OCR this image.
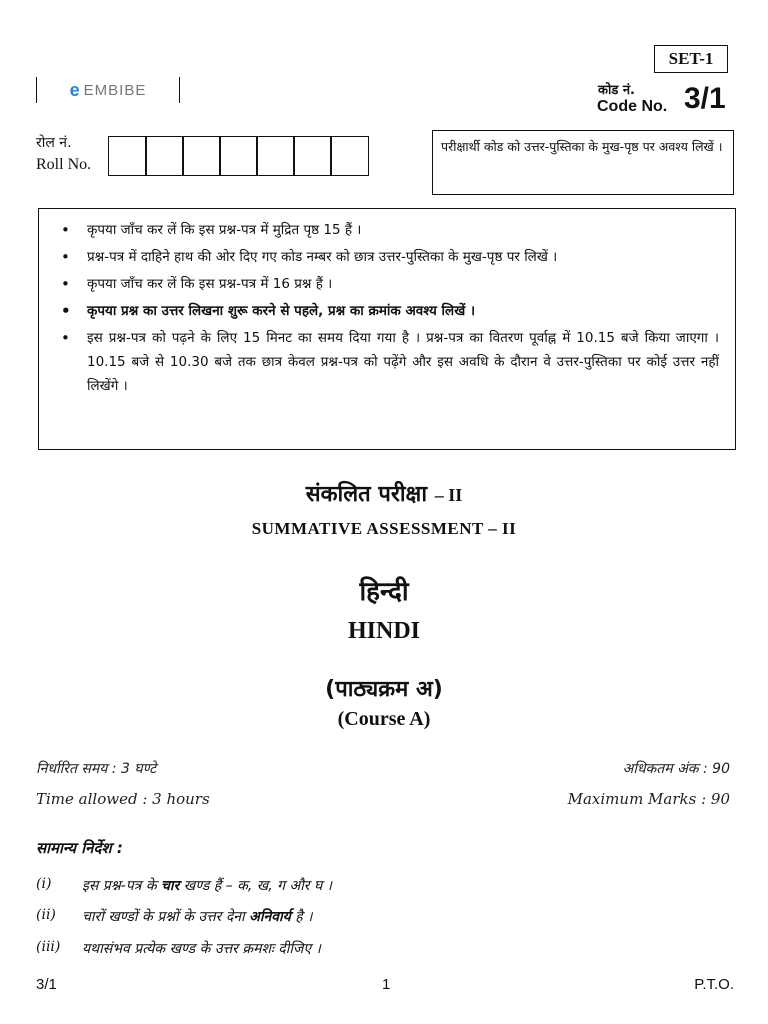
SET-1
e EMBIBE	कोड नं.
Code No. 3/1
रोल नं.
Roll No.
परीक्षार्थी कोड को उत्तर-पुस्तिका के मुख-पृष्ठ पर अवश्य लिखें ।
• कृपया जाँच कर लें कि इस प्रश्न-पत्र में मुद्रित पृष्ठ 15 हैं ।
• प्रश्न-पत्र में दाहिने हाथ की ओर दिए गए कोड नम्बर को छात्र उत्तर-पुस्तिका के मुख-पृष्ठ पर लिखें ।
• कृपया जाँच कर लें कि इस प्रश्न-पत्र में 16 प्रश्न हैं ।
• कृपया प्रश्न का उत्तर लिखना शुरू करने से पहले, प्रश्न का क्रमांक अवश्य लिखें ।
• इस प्रश्न-पत्र को पढ़ने के लिए 15 मिनट का समय दिया गया है । प्रश्न-पत्र का वितरण पूर्वाह्न में 10.15 बजे किया जाएगा । 10.15 बजे से 10.30 बजे तक छात्र केवल प्रश्न-पत्र को पढ़ेंगे और इस अवधि के दौरान वे उत्तर-पुस्तिका पर कोई उत्तर नहीं लिखेंगे ।
संकलित परीक्षा – II
SUMMATIVE ASSESSMENT – II
हिन्दी
HINDI
(पाठ्यक्रम अ)
(Course A)
निर्धारित समय : 3 घण्टे
Time allowed : 3 hours
अधिकतम अंक : 90
Maximum Marks : 90
सामान्य निर्देश :
(i)	इस प्रश्न-पत्र के चार खण्ड हैं – क, ख, ग और घ ।
(ii)	चारों खण्डों के प्रश्नों के उत्तर देना अनिवार्य है ।
(iii)	यथासंभव प्रत्येक खण्ड के उत्तर क्रमशः दीजिए ।
3/1	1	P.T.O.
